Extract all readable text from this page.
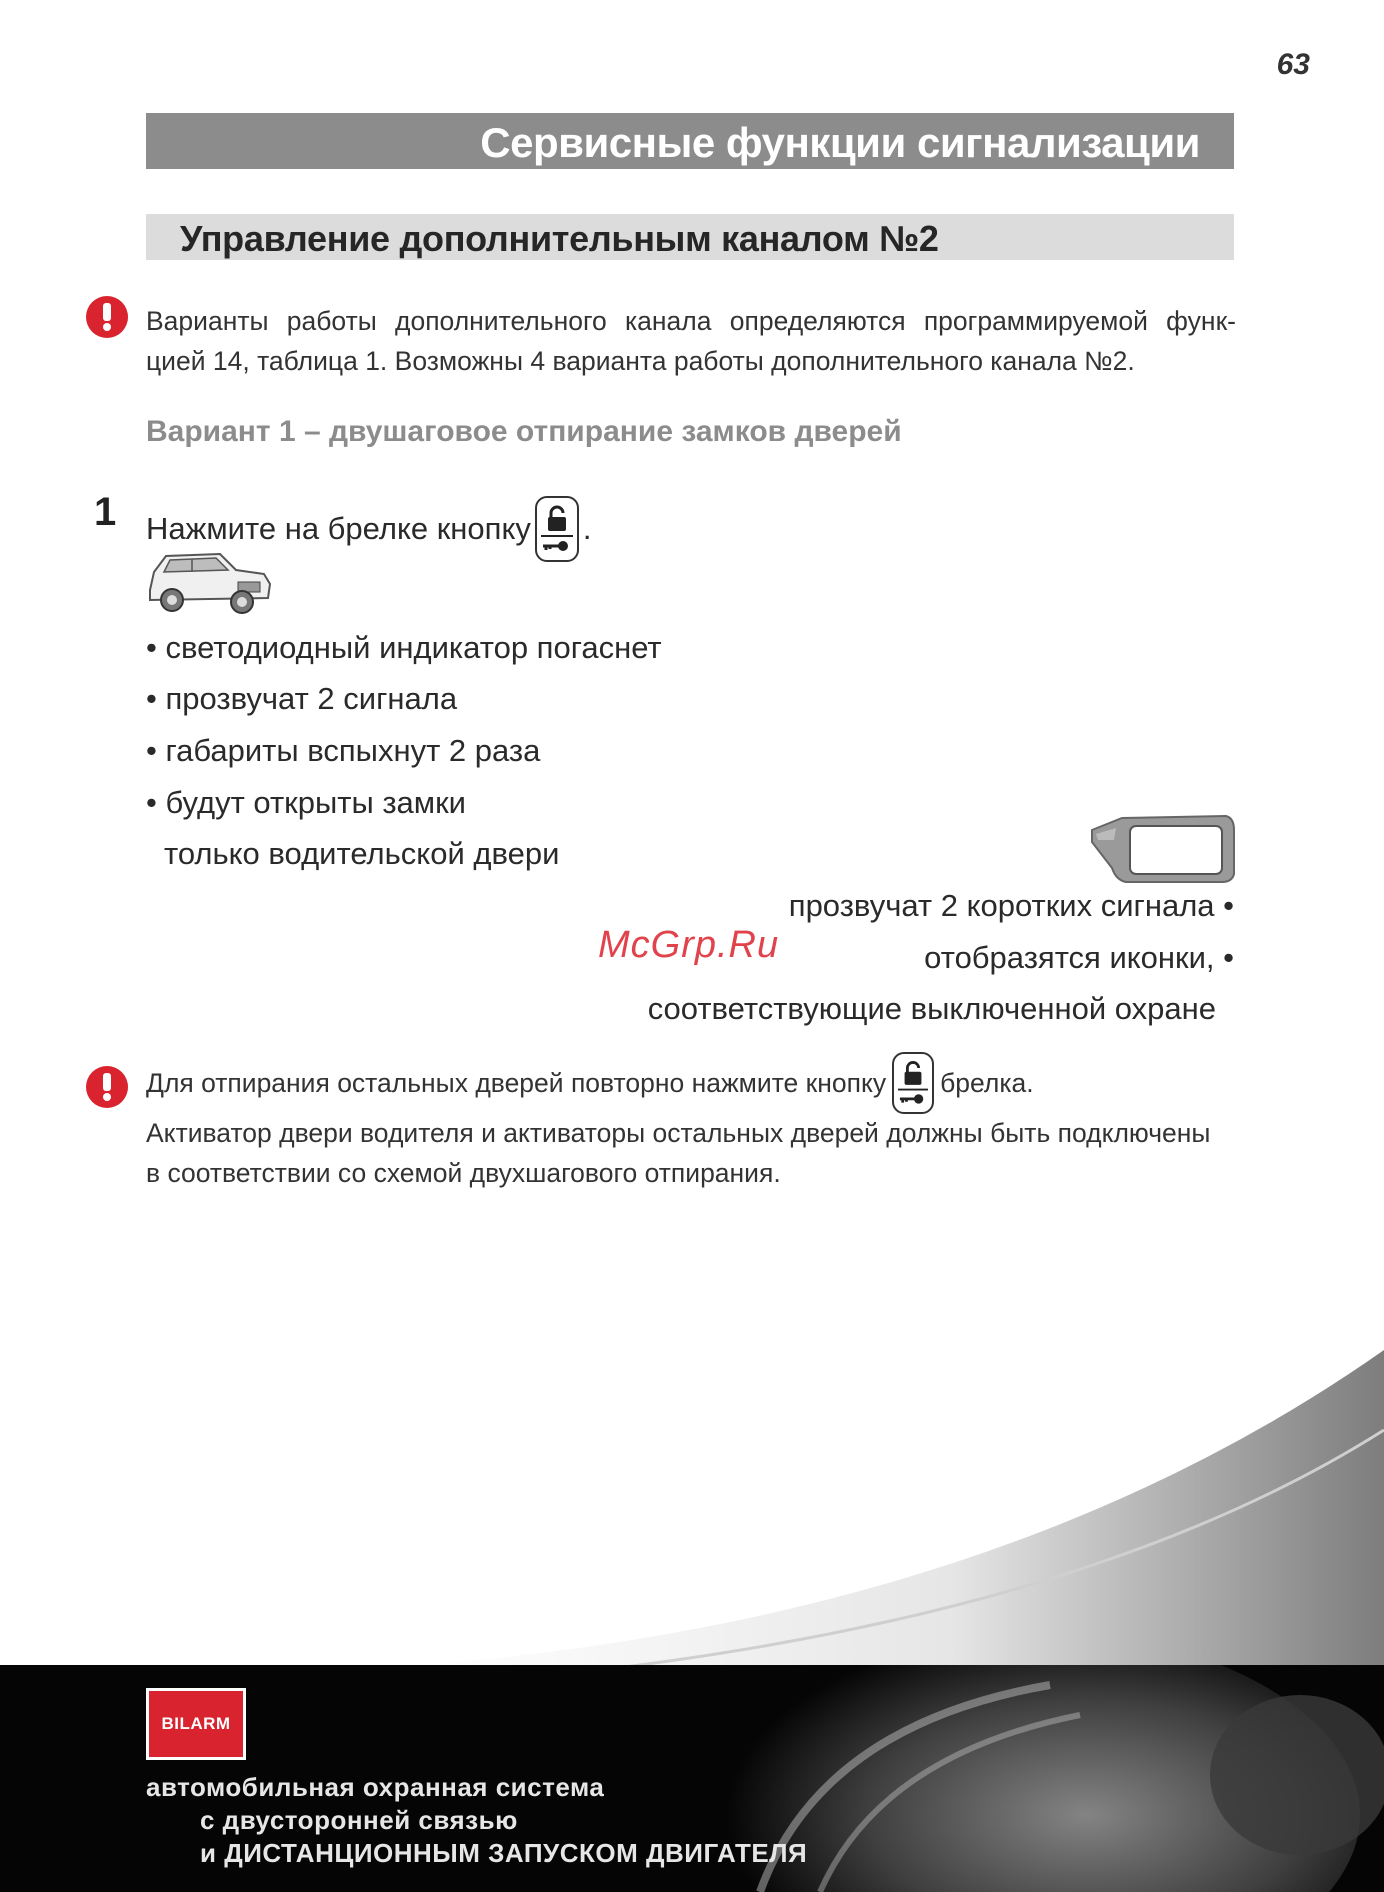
63
Сервисные функции сигнализации
Управление дополнительным каналом №2
Варианты работы дополнительного канала определяются программируемой функ-
цией 14, таблица 1. Возможны 4 варианта работы дополнительного канала №2.
Вариант 1 – двушаговое отпирание замков дверей
1 Нажмите на брелке кнопку .
• светодиодный индикатор погаснет
• прозвучат 2 сигнала
• габариты вспыхнут 2 раза
• будут открыты замки
только водительской двери
прозвучат 2 коротких сигнала •
отобразятся иконки, •
соответствующие выключенной охране
McGrp.Ru
Для отпирания остальных дверей повторно нажмите кнопку брелка.
Активатор двери водителя и активаторы остальных дверей должны быть подключены
в соответствии со схемой двухшагового отпирания.
BILARM
автомобильная охранная система
с двусторонней связью
и ДИСТАНЦИОННЫМ ЗАПУСКОМ ДВИГАТЕЛЯ
